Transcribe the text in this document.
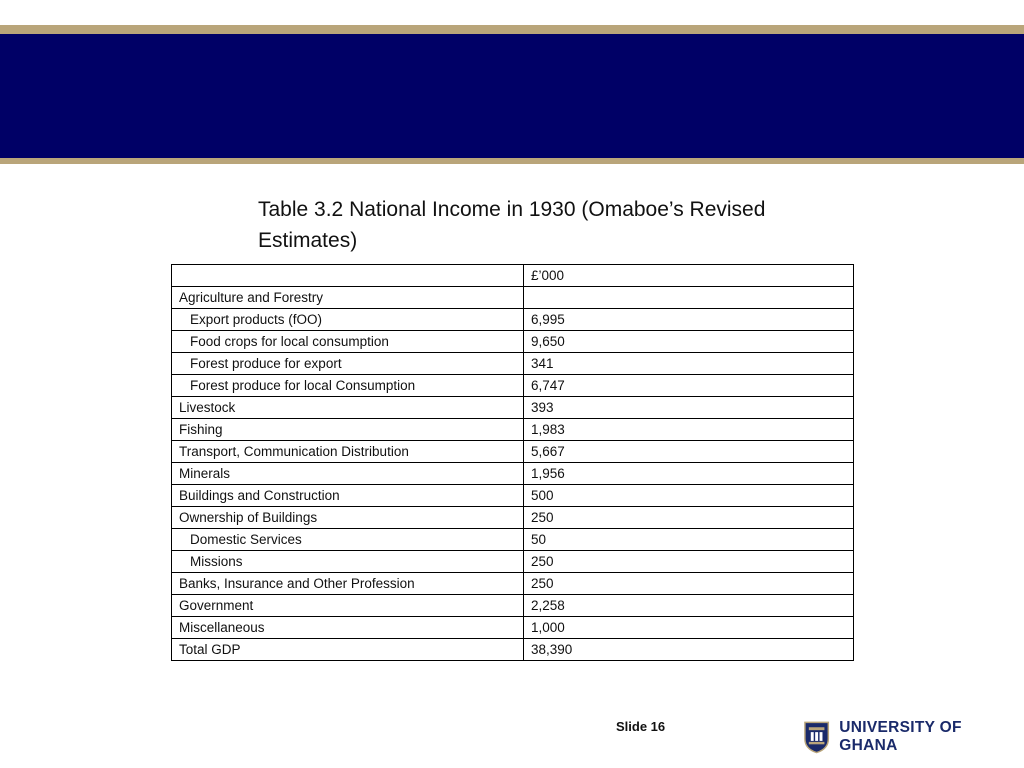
Table 3.2 National Income in 1930 (Omaboe’s Revised Estimates)
	£’000
Agriculture and Forestry	
Export products (fOO)	6,995
Food crops for local consumption	9,650
Forest produce for export	341
Forest produce for local Consumption	6,747
Livestock	393
Fishing	1,983
Transport, Communication Distribution	5,667
Minerals	1,956
Buildings and Construction	500
Ownership of Buildings	250
Domestic Services	50
Missions	250
Banks, Insurance and Other Profession	250
Government	2,258
Miscellaneous	1,000
Total GDP	38,390
Slide 16	UNIVERSITY OF GHANA
